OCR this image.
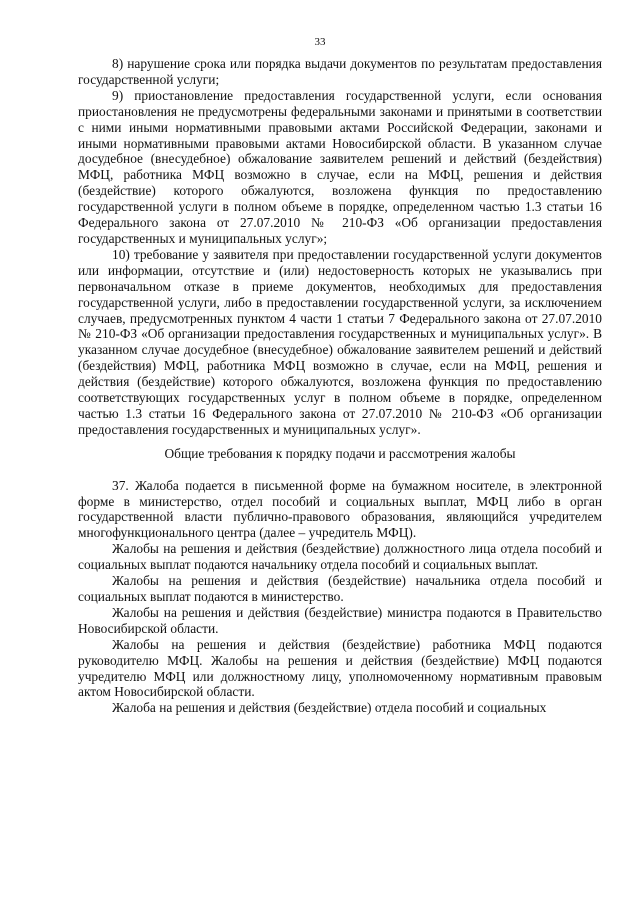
33

8) нарушение срока или порядка выдачи документов по результатам предоставления государственной услуги;

9) приостановление предоставления государственной услуги, если основания приостановления не предусмотрены федеральными законами и принятыми в соответствии с ними иными нормативными правовыми актами Российской Федерации, законами и иными нормативными правовыми актами Новосибирской области. В указанном случае досудебное (внесудебное) обжалование заявителем решений и действий (бездействия) МФЦ, работника МФЦ возможно в случае, если на МФЦ, решения и действия (бездействие) которого обжалуются, возложена функция по предоставлению государственной услуги в полном объеме в порядке, определенном частью 1.3 статьи 16 Федерального закона от 27.07.2010 № 210-ФЗ «Об организации предоставления государственных и муниципальных услуг»;

10) требование у заявителя при предоставлении государственной услуги документов или информации, отсутствие и (или) недостоверность которых не указывались при первоначальном отказе в приеме документов, необходимых для предоставления государственной услуги, либо в предоставлении государственной услуги, за исключением случаев, предусмотренных пунктом 4 части 1 статьи 7 Федерального закона от 27.07.2010 № 210-ФЗ «Об организации предоставления государственных и муниципальных услуг». В указанном случае досудебное (внесудебное) обжалование заявителем решений и действий (бездействия) МФЦ, работника МФЦ возможно в случае, если на МФЦ, решения и действия (бездействие) которого обжалуются, возложена функция по предоставлению соответствующих государственных услуг в полном объеме в порядке, определенном частью 1.3 статьи 16 Федерального закона от 27.07.2010 № 210-ФЗ «Об организации предоставления государственных и муниципальных услуг».

Общие требования к порядку подачи и рассмотрения жалобы

37. Жалоба подается в письменной форме на бумажном носителе, в электронной форме в министерство, отдел пособий и социальных выплат, МФЦ либо в орган государственной власти публично-правового образования, являющийся учредителем многофункционального центра (далее – учредитель МФЦ).

Жалобы на решения и действия (бездействие) должностного лица отдела пособий и социальных выплат подаются начальнику отдела пособий и социальных выплат.

Жалобы на решения и действия (бездействие) начальника отдела пособий и социальных выплат подаются в министерство.

Жалобы на решения и действия (бездействие) министра подаются в Правительство Новосибирской области.

Жалобы на решения и действия (бездействие) работника МФЦ подаются руководителю МФЦ. Жалобы на решения и действия (бездействие) МФЦ подаются учредителю МФЦ или должностному лицу, уполномоченному нормативным правовым актом Новосибирской области.

Жалоба на решения и действия (бездействие) отдела пособий и социальных
